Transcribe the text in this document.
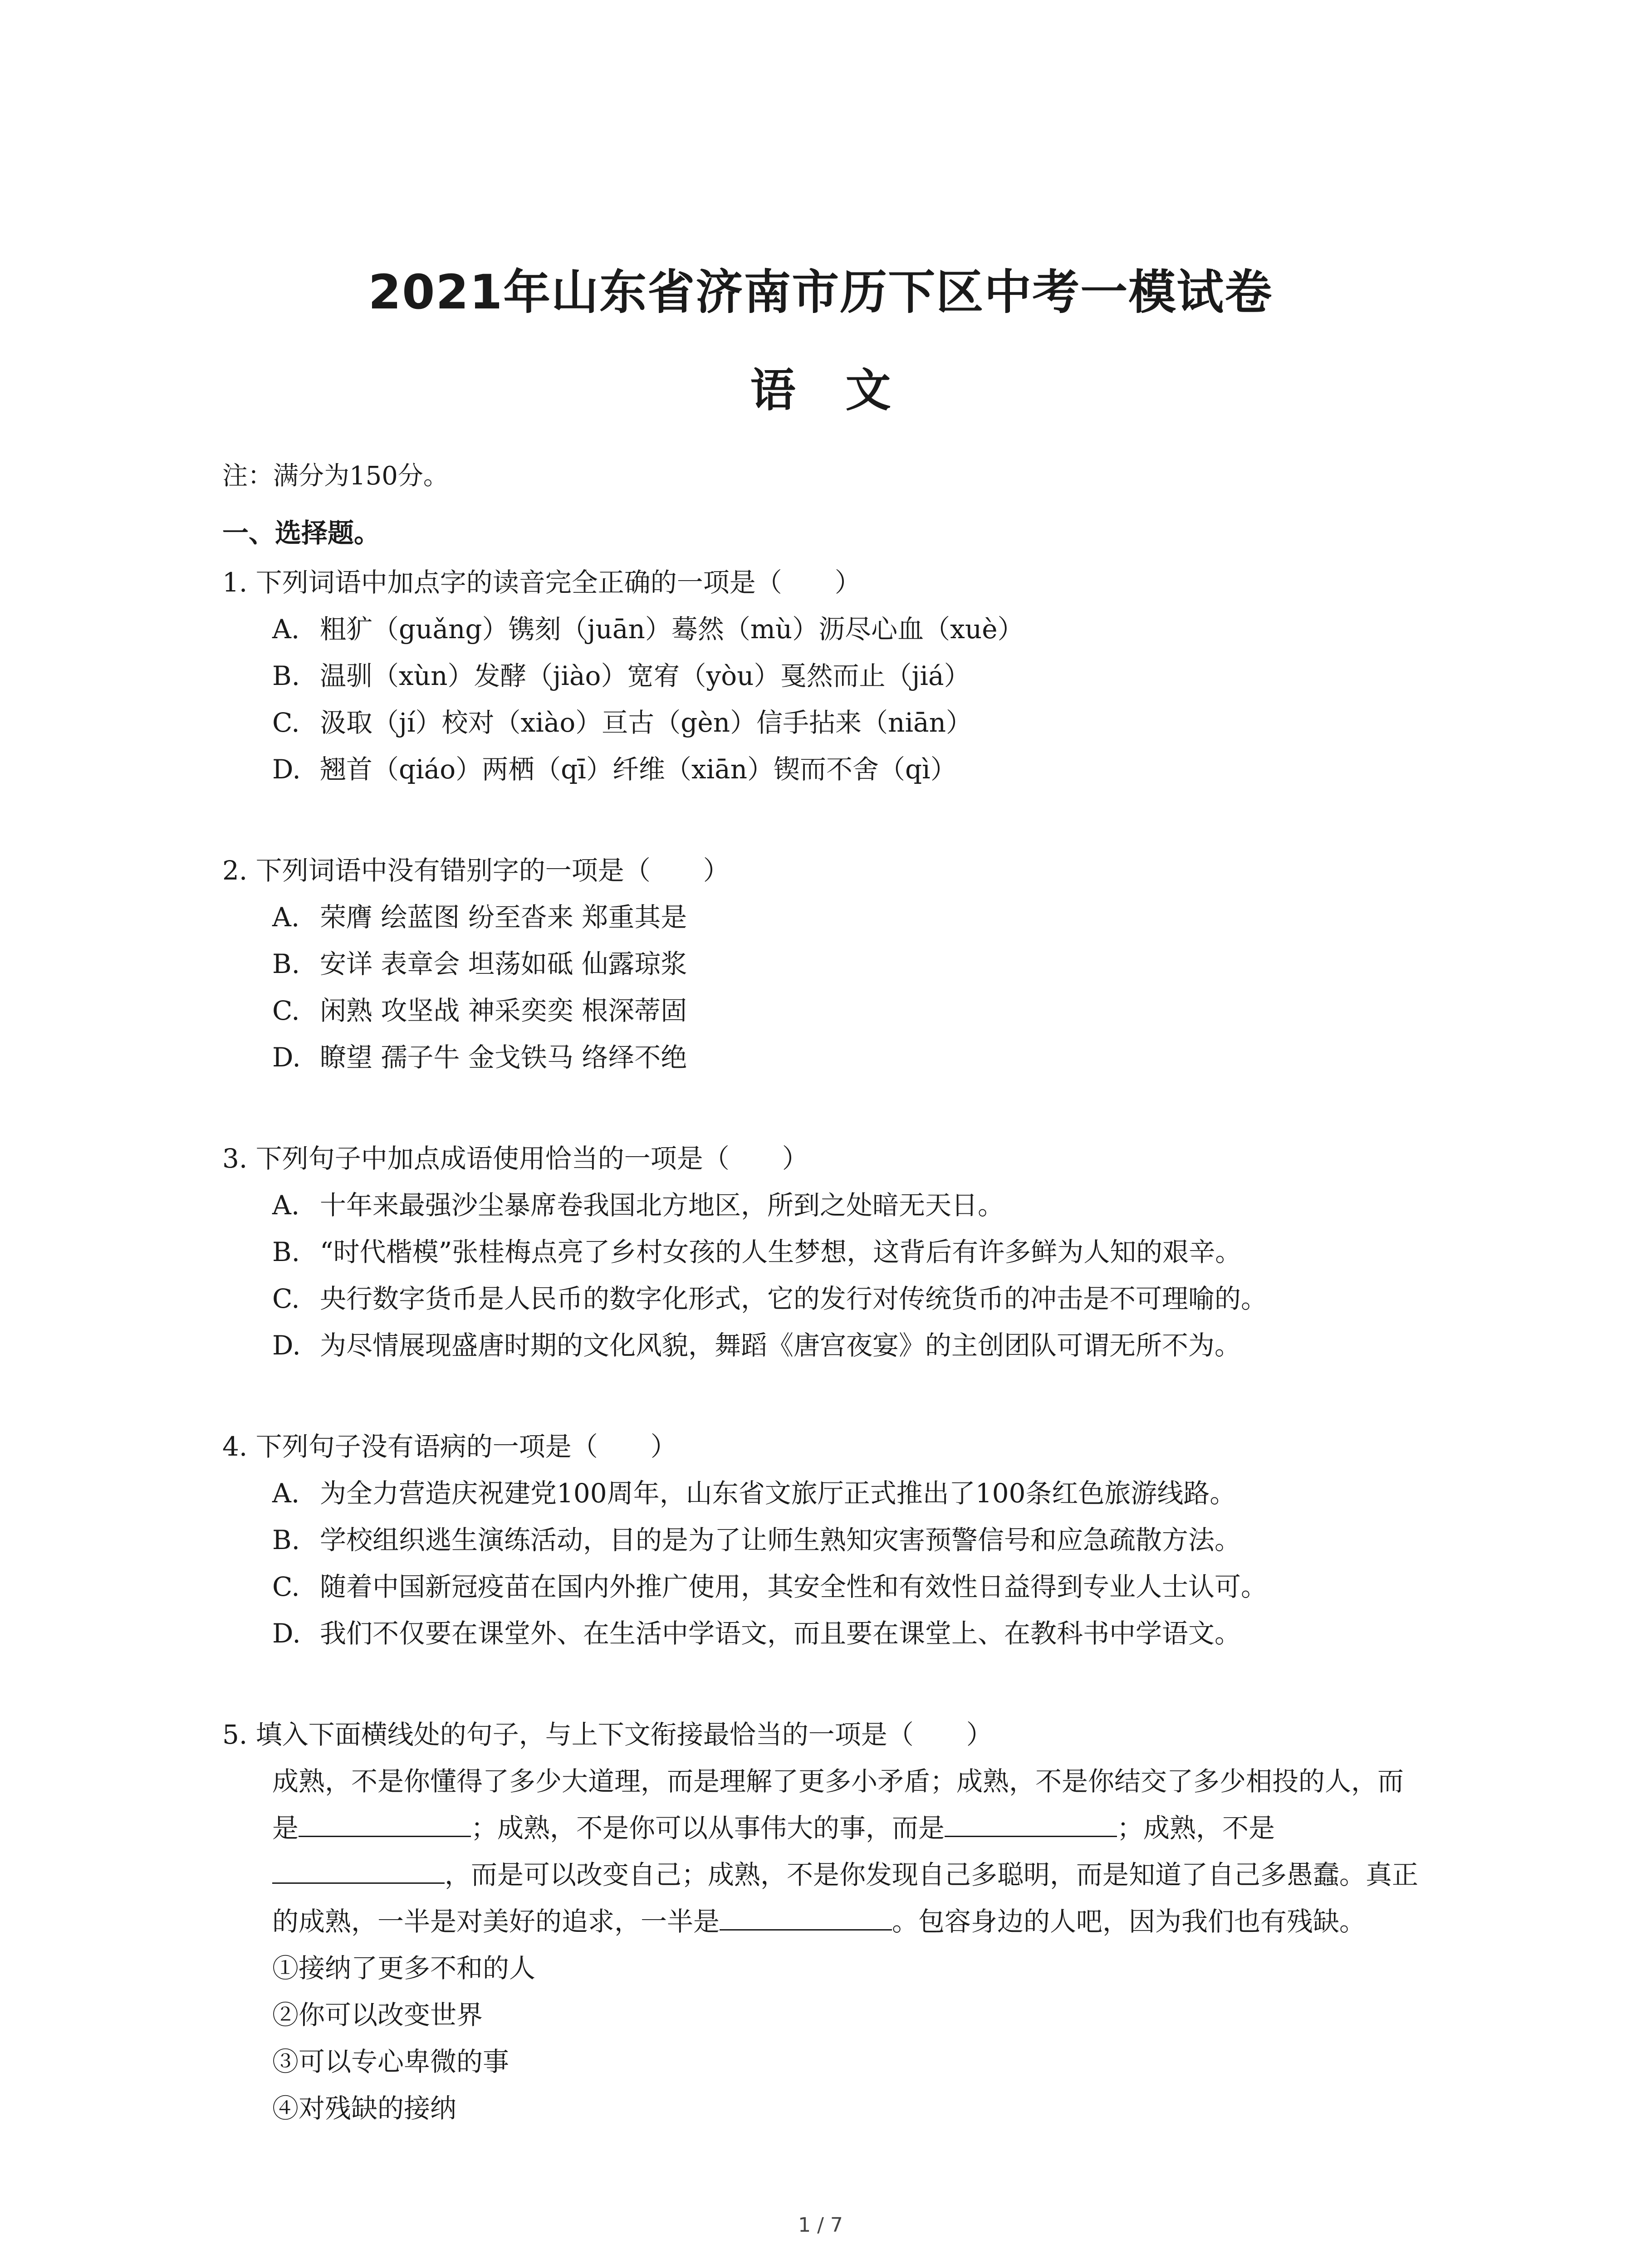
2021年山东省济南市历下区中考一模试卷
语文

注：满分为150分。

一、选择题。

1. 下列词语中加点字的读音完全正确的一项是（　　）

A. 粗犷（guǎng）镌刻（juān）蓦然（mù）沥尽心血（xuè）
B. 温驯（xùn）发酵（jiào）宽宥（yòu）戛然而止（jiá）
C. 汲取（jí）校对（xiào）亘古（gèn）信手拈来（niān）
D. 翘首（qiáo）两栖（qī）纤维（xiān）锲而不舍（qì）

2. 下列词语中没有错别字的一项是（　　）

A. 荣膺 绘蓝图 纷至沓来 郑重其是
B. 安详 表章会 坦荡如砥 仙露琼浆
C. 闲熟 攻坚战 神采奕奕 根深蒂固
D. 瞭望 孺子牛 金戈铁马 络绎不绝

3. 下列句子中加点成语使用恰当的一项是（　　）

A. 十年来最强沙尘暴席卷我国北方地区，所到之处暗无天日。
B. “时代楷模”张桂梅点亮了乡村女孩的人生梦想，这背后有许多鲜为人知的艰辛。
C. 央行数字货币是人民币的数字化形式，它的发行对传统货币的冲击是不可理喻的。
D. 为尽情展现盛唐时期的文化风貌，舞蹈《唐宫夜宴》的主创团队可谓无所不为。

4. 下列句子没有语病的一项是（　　）

A. 为全力营造庆祝建党100周年，山东省文旅厅正式推出了100条红色旅游线路。
B. 学校组织逃生演练活动，目的是为了让师生熟知灾害预警信号和应急疏散方法。
C. 随着中国新冠疫苗在国内外推广使用，其安全性和有效性日益得到专业人士认可。
D. 我们不仅要在课堂外、在生活中学语文，而且要在课堂上、在教科书中学语文。

5. 填入下面横线处的句子，与上下文衔接最恰当的一项是（　　）

成熟，不是你懂得了多少大道理，而是理解了更多小矛盾；成熟，不是你结交了多少相投的人，而是	；成熟，不是你可以从事伟大的事，而是	；成熟，不是，而是可以改变自己；成熟，不是你发现自己多聪明，而是知道了自己多愚蠢。真正的成熟，一半是对美好的追求，一半是	。包容身边的人吧，因为我们也有残缺。

①接纳了更多不和的人
②你可以改变世界
③可以专心卑微的事
④对残缺的接纳
1 / 7
